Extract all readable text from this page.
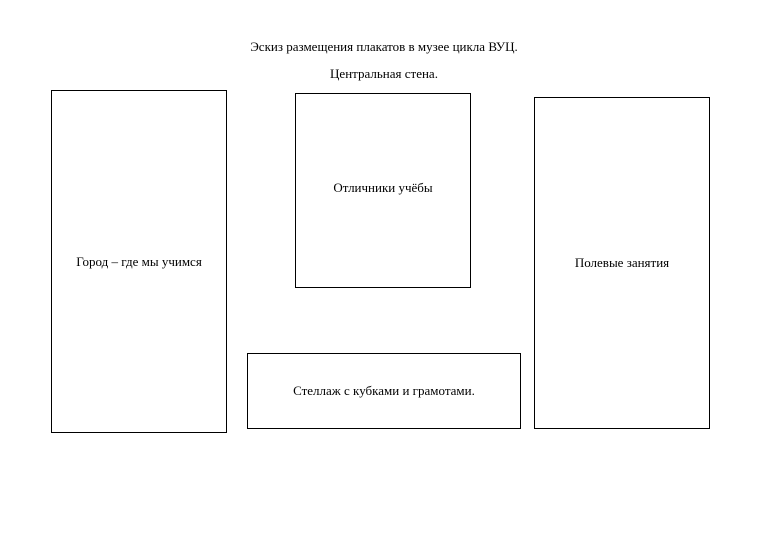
Эскиз размещения плакатов в музее цикла ВУЦ.
Центральная стена.
Город – где мы учимся
Отличники учёбы
Полевые занятия
Стеллаж с кубками и грамотами.
